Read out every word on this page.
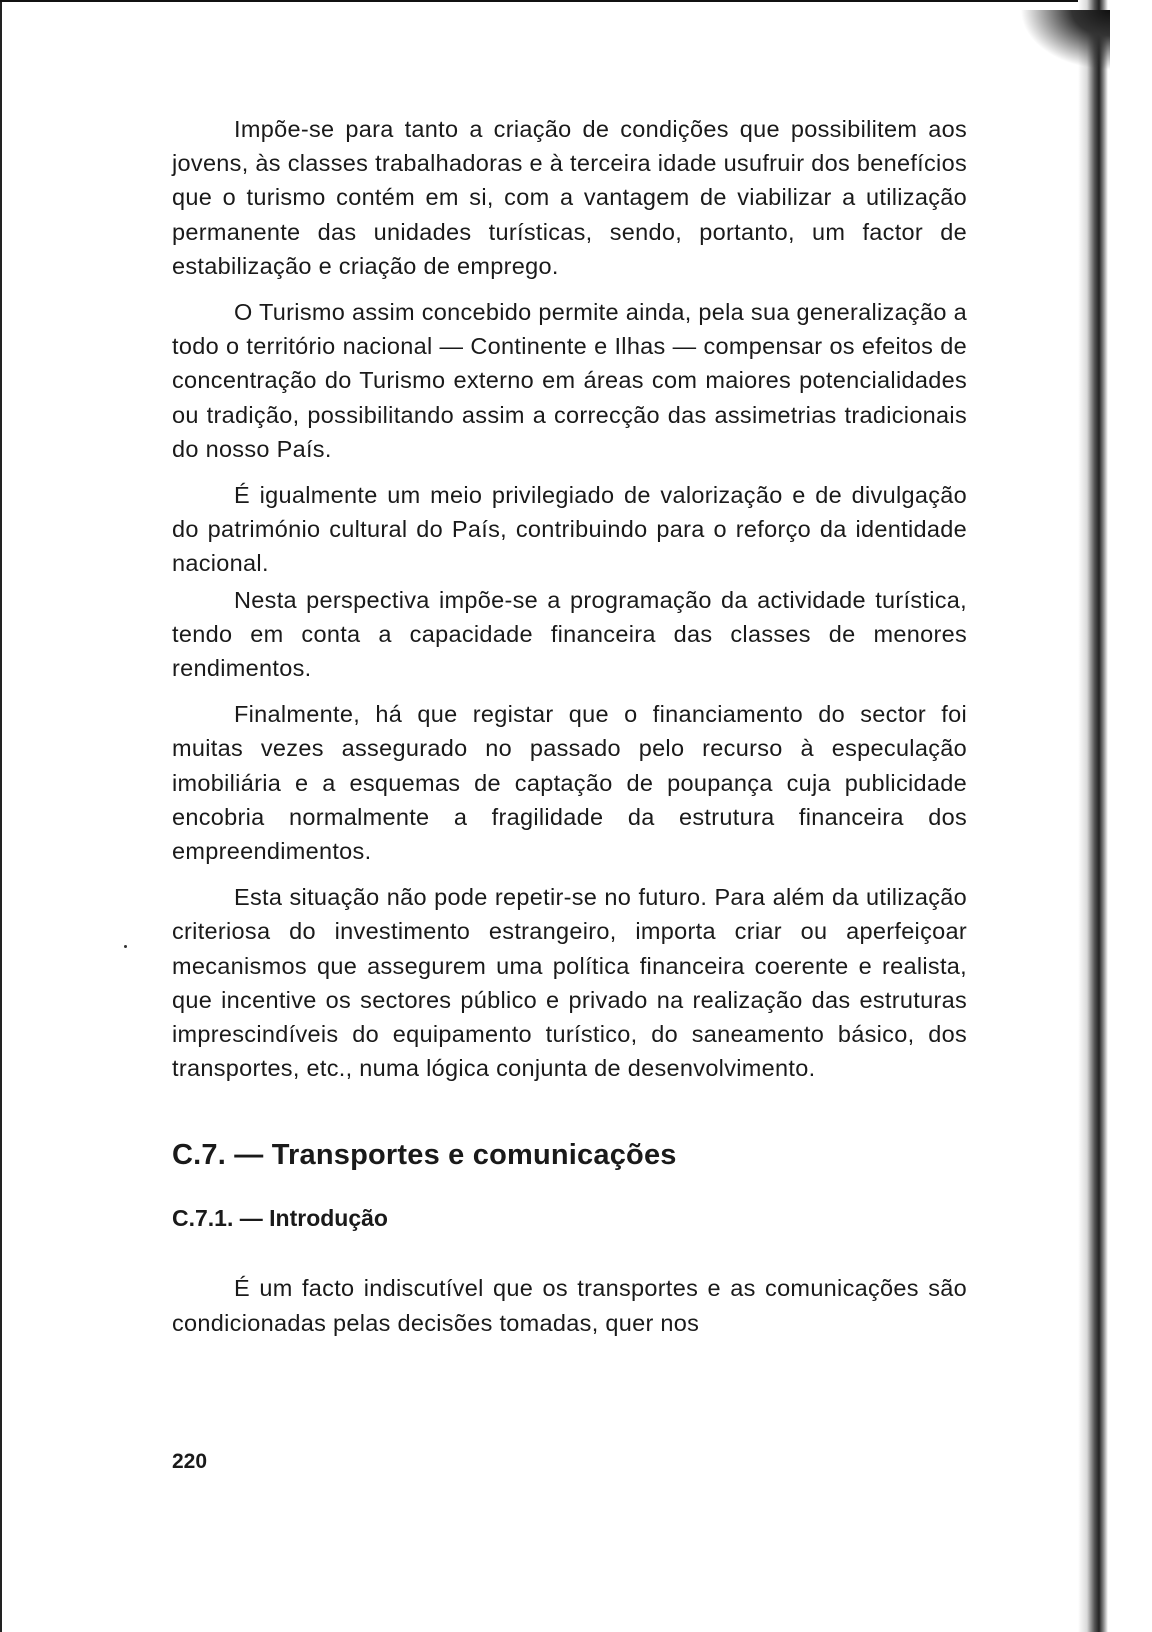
Impõe-se para tanto a criação de condições que possibilitem aos jovens, às classes trabalhadoras e à terceira idade usufruir dos benefícios que o turismo contém em si, com a vantagem de viabilizar a utilização permanente das unidades turísticas, sendo, portanto, um factor de estabilização e criação de emprego.

O Turismo assim concebido permite ainda, pela sua generalização a todo o território nacional — Continente e Ilhas — compensar os efeitos de concentração do Turismo externo em áreas com maiores potencialidades ou tradição, possibilitando assim a correcção das assimetrias tradicionais do nosso País.

É igualmente um meio privilegiado de valorização e de divulgação do património cultural do País, contribuindo para o reforço da identidade nacional.

Nesta perspectiva impõe-se a programação da actividade turística, tendo em conta a capacidade financeira das classes de menores rendimentos.

Finalmente, há que registar que o financiamento do sector foi muitas vezes assegurado no passado pelo recurso à especulação imobiliária e a esquemas de captação de poupança cuja publicidade encobria normalmente a fragilidade da estrutura financeira dos empreendimentos.

Esta situação não pode repetir-se no futuro. Para além da utilização criteriosa do investimento estrangeiro, importa criar ou aperfeiçoar mecanismos que assegurem uma política financeira coerente e realista, que incentive os sectores público e privado na realização das estruturas imprescindíveis do equipamento turístico, do saneamento básico, dos transportes, etc., numa lógica conjunta de desenvolvimento.

C.7. — Transportes e comunicações
C.7.1. — Introdução

É um facto indiscutível que os transportes e as comunicações são condicionadas pelas decisões tomadas, quer nos

220
